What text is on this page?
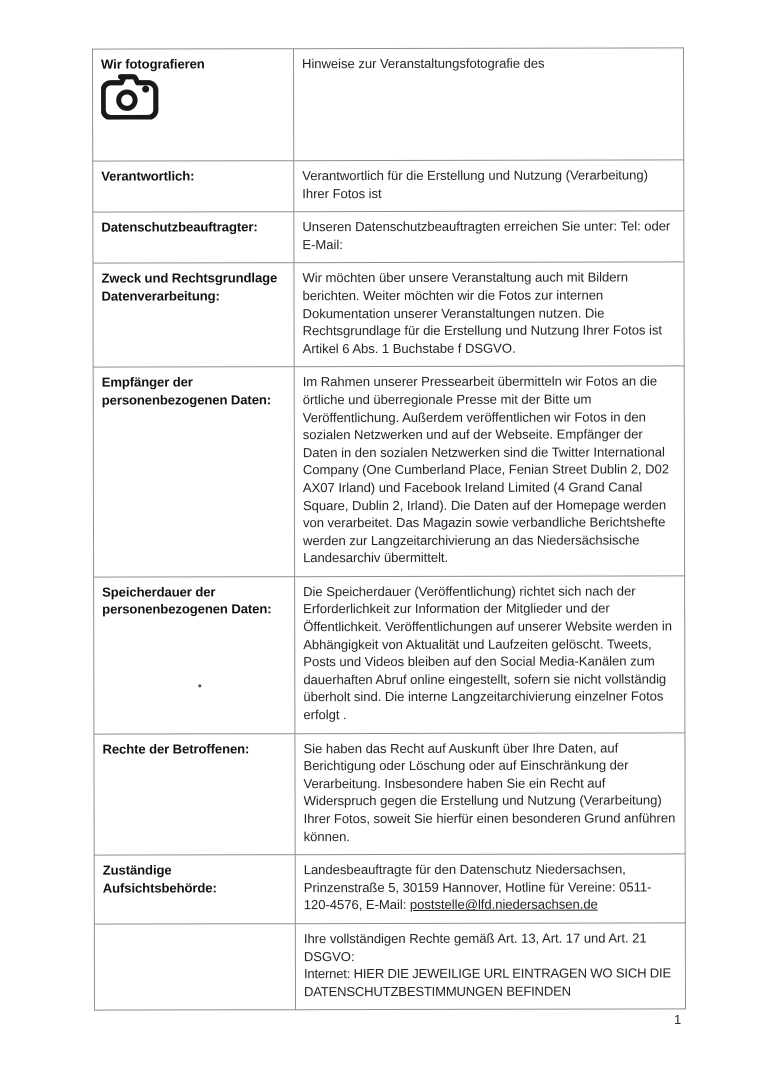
Wir fotografieren	Hinweise zur Veranstaltungsfotografie des

Verantwortlich:	Verantwortlich für die Erstellung und Nutzung (Verarbeitung) Ihrer Fotos ist

Datenschutzbeauftragter:	Unseren Datenschutzbeauftragten erreichen Sie unter: Tel: oder E-Mail:

Zweck und Rechtsgrundlage Datenverarbeitung:	Wir möchten über unsere Veranstaltung auch mit Bildern berichten. Weiter möchten wir die Fotos zur internen Dokumentation unserer Veranstaltungen nutzen. Die Rechtsgrundlage für die Erstellung und Nutzung Ihrer Fotos ist Artikel 6 Abs. 1 Buchstabe f DSGVO.

Empfänger der personenbezogenen Daten:	Im Rahmen unserer Pressearbeit übermitteln wir Fotos an die örtliche und überregionale Presse mit der Bitte um Veröffentlichung. Außerdem veröffentlichen wir Fotos in den sozialen Netzwerken und auf der Webseite. Empfänger der Daten in den sozialen Netzwerken sind die Twitter International Company (One Cumberland Place, Fenian Street Dublin 2, D02 AX07 Irland) und Facebook Ireland Limited (4 Grand Canal Square, Dublin 2, Irland). Die Daten auf der Homepage werden von verarbeitet. Das Magazin sowie verbandliche Berichtshefte werden zur Langzeitarchivierung an das Niedersächsische Landesarchiv übermittelt.

Speicherdauer der personenbezogenen Daten:	Die Speicherdauer (Veröffentlichung) richtet sich nach der Erforderlichkeit zur Information der Mitglieder und der Öffentlichkeit. Veröffentlichungen auf unserer Website werden in Abhängigkeit von Aktualität und Laufzeiten gelöscht. Tweets, Posts und Videos bleiben auf den Social Media-Kanälen zum dauerhaften Abruf online eingestellt, sofern sie nicht vollständig überholt sind. Die interne Langzeitarchivierung einzelner Fotos erfolgt .

Rechte der Betroffenen:	Sie haben das Recht auf Auskunft über Ihre Daten, auf Berichtigung oder Löschung oder auf Einschränkung der Verarbeitung. Insbesondere haben Sie ein Recht auf Widerspruch gegen die Erstellung und Nutzung (Verarbeitung) Ihrer Fotos, soweit Sie hierfür einen besonderen Grund anführen können.

Zuständige Aufsichtsbehörde:	Landesbeauftragte für den Datenschutz Niedersachsen, Prinzenstraße 5, 30159 Hannover, Hotline für Vereine: 0511-120-4576, E-Mail: poststelle@lfd.niedersachsen.de

	Ihre vollständigen Rechte gemäß Art. 13, Art. 17 und Art. 21 DSGVO:

Internet: HIER DIE JEWEILIGE URL EINTRAGEN WO SICH DIE DATENSCHUTZBESTIMMUNGEN BEFINDEN

1
